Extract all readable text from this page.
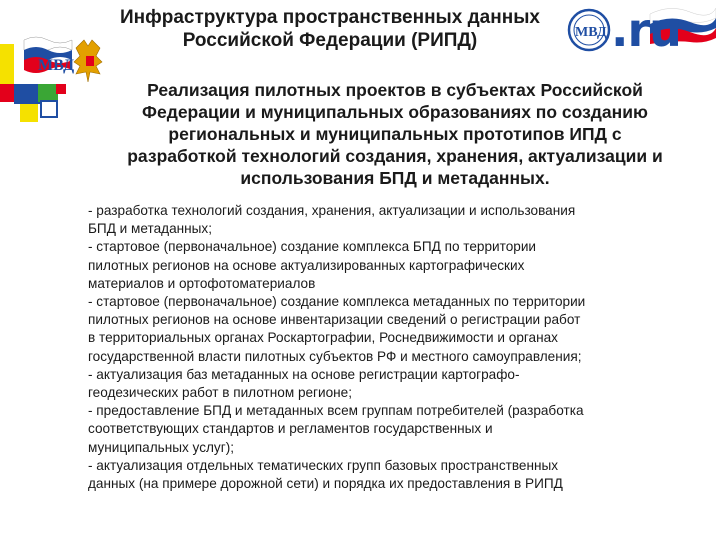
МВД
Инфраструктура пространственных данных
Российской Федерации (РИПД)	МВД .ru
Реализация пилотных проектов в субъектах Российской
Федерации и муниципальных образованиях по созданию
региональных и муниципальных прототипов ИПД с
разработкой технологий создания, хранения, актуализации и
использования БПД и метаданных.

- разработка технологий создания, хранения, актуализации и использования

БПД и метаданных;

- стартовое (первоначальное) создание комплекса БПД по территории

пилотных регионов на основе актуализированных картографических

материалов и ортофотоматериалов

- стартовое (первоначальное) создание комплекса метаданных по территории

пилотных регионов на основе инвентаризации сведений о регистрации работ

в территориальных органах Роскартографии, Роснедвижимости и органах

государственной власти пилотных субъектов РФ и местного самоуправления;

- актуализация баз метаданных на основе регистрации картографо-

геодезических работ в пилотном регионе;

- предоставление БПД и метаданных всем группам потребителей (разработка

соответствующих стандартов и регламентов государственных и

муниципальных услуг);

- актуализация отдельных тематических групп базовых пространственных

данных (на примере дорожной сети) и порядка их предоставления в РИПД
